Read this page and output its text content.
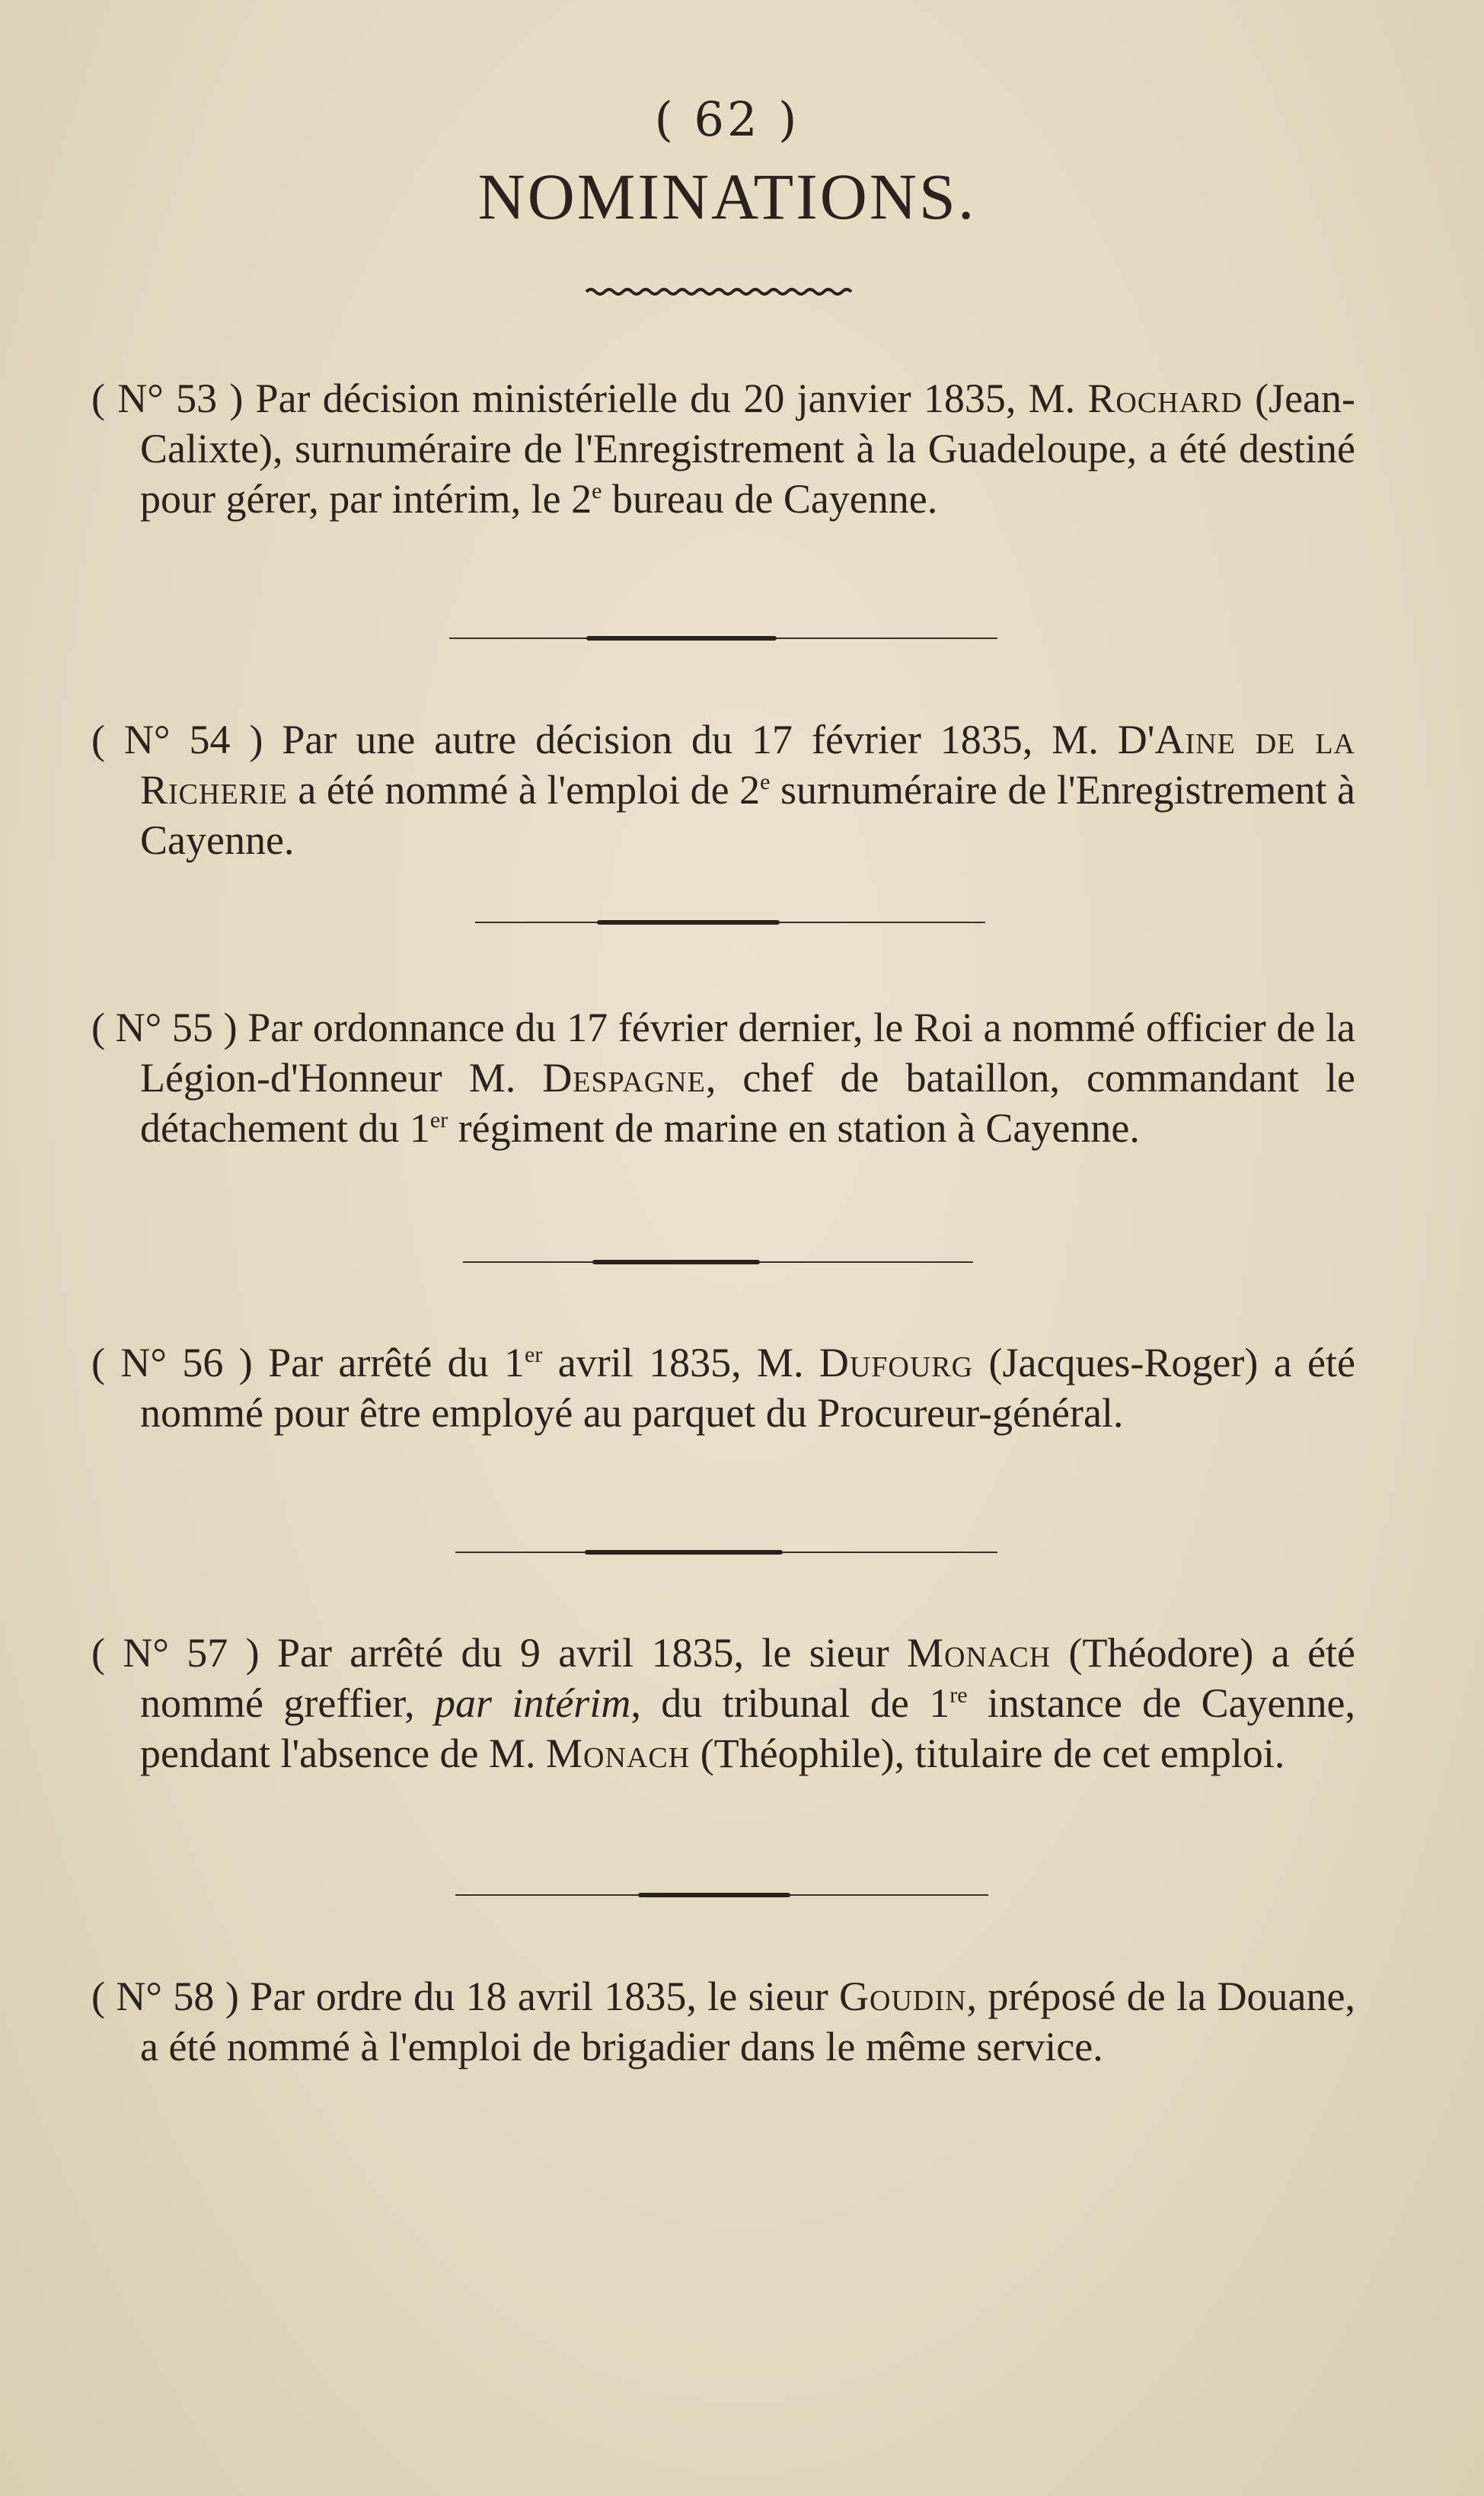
( 62 )
NOMINATIONS.
( N° 53 ) Par décision ministérielle du 20 janvier 1835, M. Rochard (Jean-Calixte), surnuméraire de l'Enregistrement à la Guadeloupe, a été destiné pour gérer, par intérim, le 2e bureau de Cayenne.
( N° 54 ) Par une autre décision du 17 février 1835, M. D'Aine de la Richerie a été nommé à l'emploi de 2e surnuméraire de l'Enregistrement à Cayenne.
( N° 55 ) Par ordonnance du 17 février dernier, le Roi a nommé officier de la Légion-d'Honneur M. Despagne, chef de bataillon, commandant le détachement du 1er régiment de marine en station à Cayenne.
( N° 56 ) Par arrêté du 1er avril 1835, M. Dufourg (Jacques-Roger) a été nommé pour être employé au parquet du Procureur-général.
( N° 57 ) Par arrêté du 9 avril 1835, le sieur Monach (Théodore) a été nommé greffier, par intérim, du tribunal de 1re instance de Cayenne, pendant l'absence de M. Monach (Théophile), titulaire de cet emploi.
( N° 58 ) Par ordre du 18 avril 1835, le sieur Goudin, préposé de la Douane, a été nommé à l'emploi de brigadier dans le même service.
